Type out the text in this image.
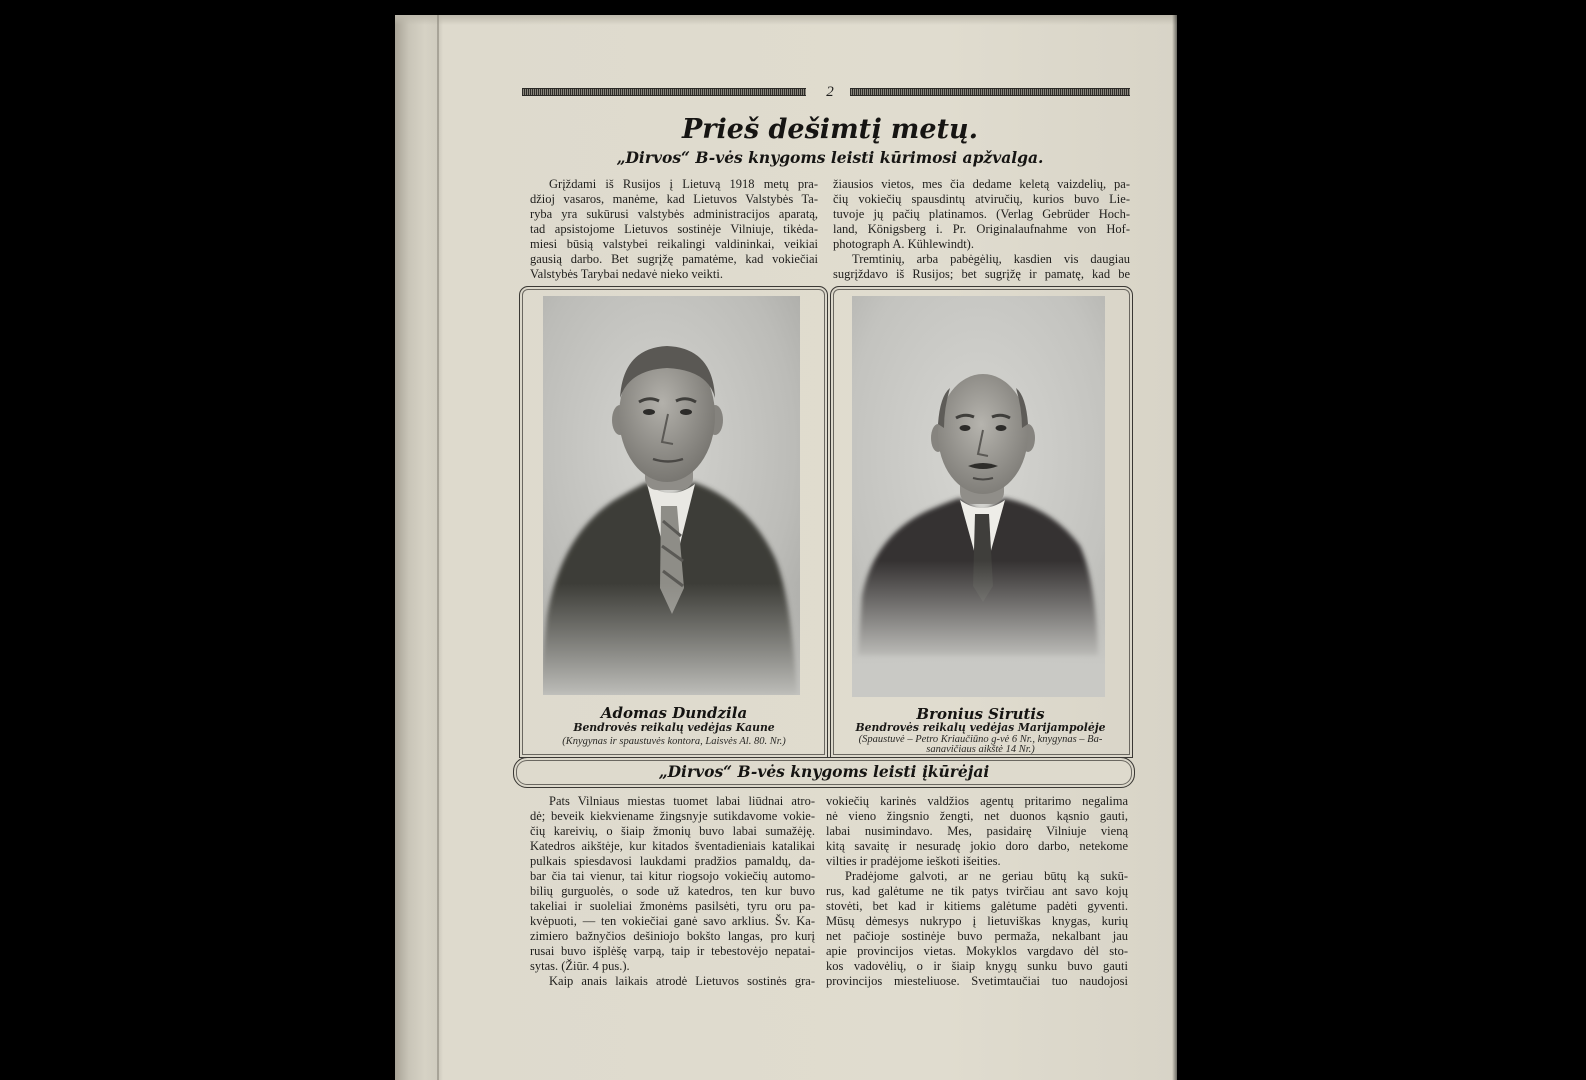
2
Prieš dešimtį metų.
„Dirvos“ B-vės knygoms leisti kūrimosi apžvalga.
Grįždami iš Rusijos į Lietuvą 1918 metų pra-
džioj vasaros, manėme, kad Lietuvos Valstybės Ta-
ryba yra sukūrusi valstybės administracijos aparatą,
tad apsistojome Lietuvos sostinėje Vilniuje, tikėda-
miesi būsią valstybei reikalingi valdininkai, veikiai
gausią darbo. Bet sugrįžę pamatėme, kad vokiečiai
Valstybės Tarybai nedavė nieko veikti.
žiausios vietos, mes čia dedame keletą vaizdelių, pa-
čių vokiečių spausdintų atviručių, kurios buvo Lie-
tuvoje jų pačių platinamos. (Verlag Gebrüder Hoch-
land, Königsberg i. Pr. Originalaufnahme von Hof-
photograph A. Kühlewindt).
Tremtinių, arba pabėgėlių, kasdien vis daugiau
sugrįždavo iš Rusijos; bet sugrįžę ir pamatę, kad be
Adomas Dundzila
Bendrovės reikalų vedėjas Kaune
(Knygynas ir spaustuvės kontora, Laisvės Al. 80. Nr.)
Bronius Sirutis
Bendrovės reikalų vedėjas Marijampolėje
(Spaustuvė – Petro Kriaučiūno g-vė 6 Nr., knygynas – Ba-
sanavičiaus aikštė 14 Nr.)
„Dirvos“ B-vės knygoms leisti įkūrėjai
Pats Vilniaus miestas tuomet labai liūdnai atro-
dė; beveik kiekviename žingsnyje sutikdavome vokie-
čių kareivių, o šiaip žmonių buvo labai sumažėję.
Katedros aikštėje, kur kitados šventadieniais katalikai
pulkais spiesdavosi laukdami pradžios pamaldų, da-
bar čia tai vienur, tai kitur riogsojo vokiečių automo-
bilių gurguolės, o sode už katedros, ten kur buvo
takeliai ir suoleliai žmonėms pasilsėti, tyru oru pa-
kvėpuoti, — ten vokiečiai ganė savo arklius. Šv. Ka-
zimiero bažnyčios dešiniojo bokšto langas, pro kurį
rusai buvo išplėšę varpą, taip ir tebestovėjo nepatai-
sytas. (Žiūr. 4 pus.).
Kaip anais laikais atrodė Lietuvos sostinės gra-
vokiečių karinės valdžios agentų pritarimo negalima
nė vieno žingsnio žengti, net duonos kąsnio gauti,
labai nusimindavo. Mes, pasidairę Vilniuje vieną
kitą savaitę ir nesuradę jokio doro darbo, netekome
vilties ir pradėjome ieškoti išeities.
Pradėjome galvoti, ar ne geriau būtų ką sukū-
rus, kad galėtume ne tik patys tvirčiau ant savo kojų
stovėti, bet kad ir kitiems galėtume padėti gyventi.
Mūsų dėmesys nukrypo į lietuviškas knygas, kurių
net pačioje sostinėje buvo permaža, nekalbant jau
apie provincijos vietas. Mokyklos vargdavo dėl sto-
kos vadovėlių, o ir šiaip knygų sunku buvo gauti
provincijos miesteliuose. Svetimtaučiai tuo naudojosi
